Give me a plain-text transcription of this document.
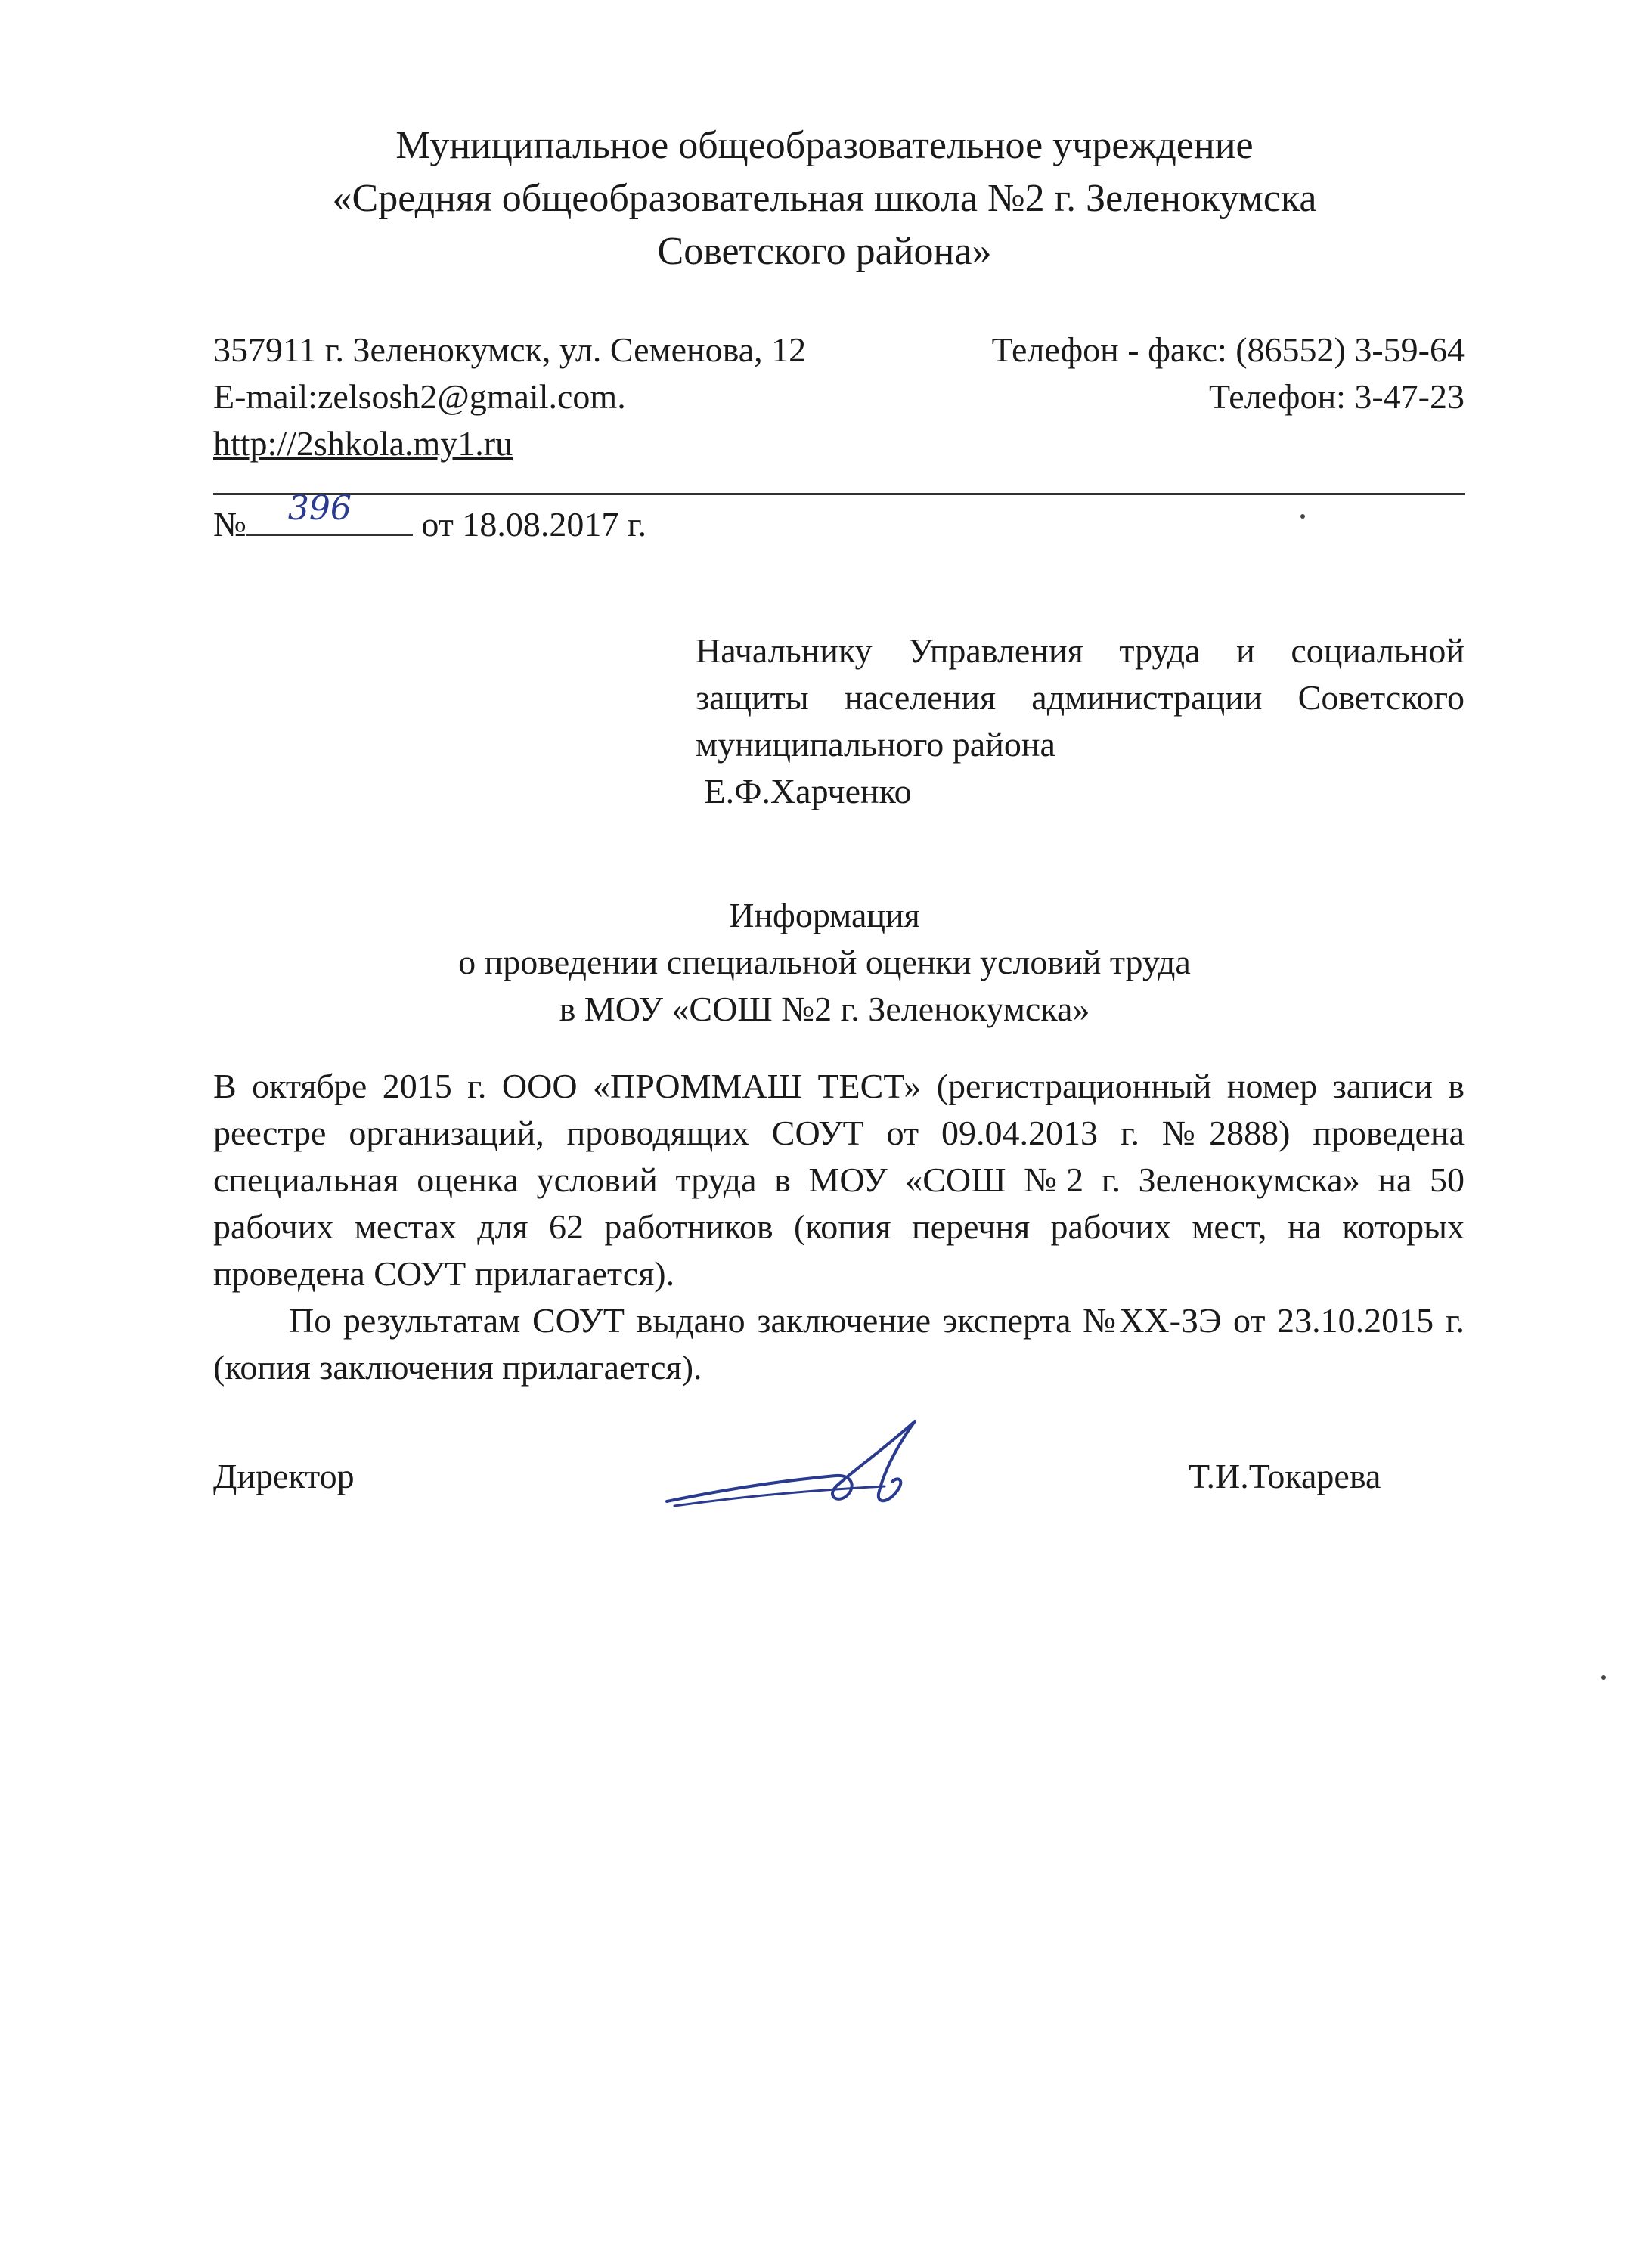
Муниципальное общеобразовательное учреждение
«Средняя общеобразовательная школа №2 г. Зеленокумска
Советского района»
357911 г. Зеленокумск, ул. Семенова, 12	Телефон - факс: (86552) 3-59-64
E-mail:zelsosh2@gmail.com.	Телефон: 3-47-23
http://2shkola.my1.ru
№ 396 от 18.08.2017 г.
Начальнику Управления труда и социальной
защиты населения администрации Советского
муниципального района
Е.Ф.Харченко
Информация
о проведении специальной оценки условий труда
в МОУ «СОШ №2 г. Зеленокумска»

В октябре 2015 г. ООО «ПРОММАШ ТЕСТ» (регистрационный номер записи в реестре организаций, проводящих СОУТ от 09.04.2013 г. №2888) проведена специальная оценка условий труда в МОУ «СОШ №2 г. Зеленокумска» на 50 рабочих местах для 62 работников (копия перечня рабочих мест, на которых проведена СОУТ прилагается).

По результатам СОУТ выдано заключение эксперта №ХХ-ЗЭ от 23.10.2015 г. (копия заключения прилагается).

Директор	Т.И.Токарева
